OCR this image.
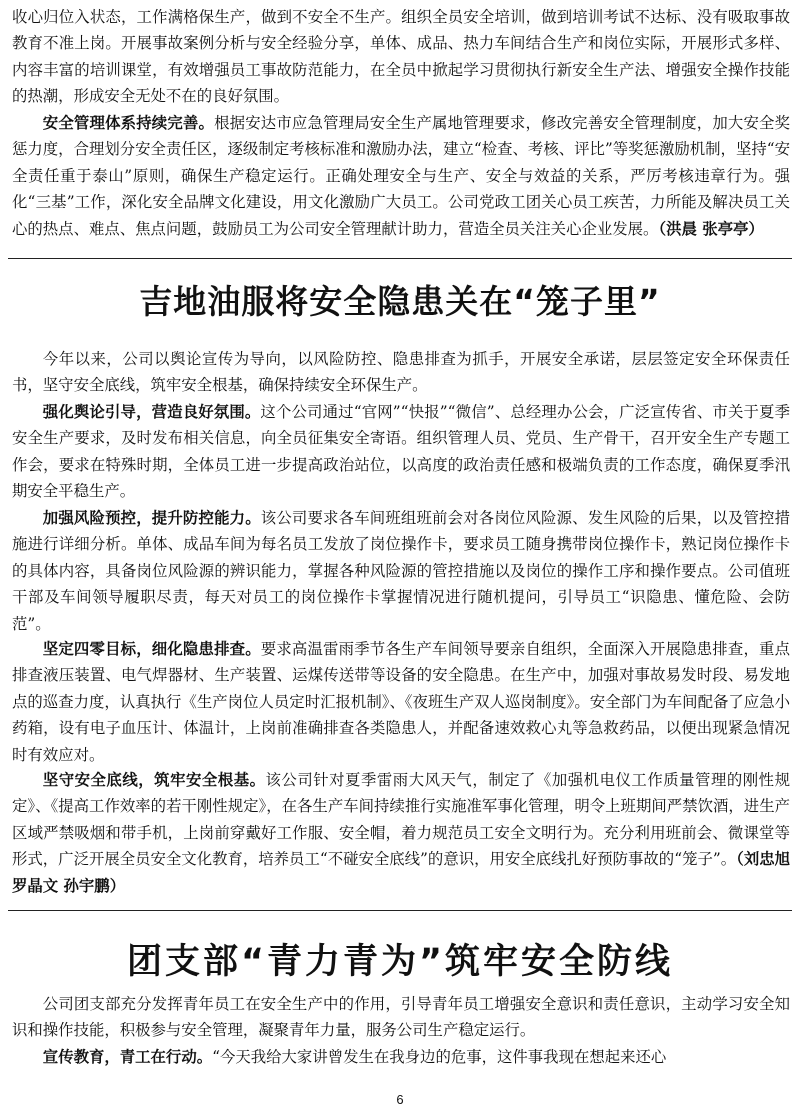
收心归位入状态，工作满格保生产，做到不安全不生产。组织全员安全培训，做到培训考试不达标、没有吸取事故教育不准上岗。开展事故案例分析与安全经验分享，单体、成品、热力车间结合生产和岗位实际，开展形式多样、内容丰富的培训课堂，有效增强员工事故防范能力，在全员中掀起学习贯彻执行新安全生产法、增强安全操作技能的热潮，形成安全无处不在的良好氛围。

安全管理体系持续完善。根据安达市应急管理局安全生产属地管理要求，修改完善安全管理制度，加大安全奖惩力度，合理划分安全责任区，逐级制定考核标准和激励办法，建立“检查、考核、评比”等奖惩激励机制，坚持“安全责任重于泰山”原则，确保生产稳定运行。正确处理安全与生产、安全与效益的关系，严厉考核违章行为。强化“三基”工作，深化安全品牌文化建设，用文化激励广大员工。公司党政工团关心员工疾苦，力所能及解决员工关心的热点、难点、焦点问题，鼓励员工为公司安全管理献计助力，营造全员关注关心企业发展。（洪晨 张亭亭）

吉地油服将安全隐患关在“笼子里”

今年以来，公司以舆论宣传为导向，以风险防控、隐患排查为抓手，开展安全承诺，层层签定安全环保责任书，坚守安全底线，筑牢安全根基，确保持续安全环保生产。

强化舆论引导，营造良好氛围。这个公司通过“官网”“快报”“微信”、总经理办公会，广泛宣传省、市关于夏季安全生产要求，及时发布相关信息，向全员征集安全寄语。组织管理人员、党员、生产骨干，召开安全生产专题工作会，要求在特殊时期，全体员工进一步提高政治站位，以高度的政治责任感和极端负责的工作态度，确保夏季汛期安全平稳生产。

加强风险预控，提升防控能力。该公司要求各车间班组班前会对各岗位风险源、发生风险的后果，以及管控措施进行详细分析。单体、成品车间为每名员工发放了岗位操作卡，要求员工随身携带岗位操作卡，熟记岗位操作卡的具体内容，具备岗位风险源的辨识能力，掌握各种风险源的管控措施以及岗位的操作工序和操作要点。公司值班干部及车间领导履职尽责，每天对员工的岗位操作卡掌握情况进行随机提问，引导员工“识隐患、懂危险、会防范”。

坚定四零目标，细化隐患排查。要求高温雷雨季节各生产车间领导要亲自组织，全面深入开展隐患排查，重点排查液压装置、电气焊器材、生产装置、运煤传送带等设备的安全隐患。在生产中，加强对事故易发时段、易发地点的巡查力度，认真执行《生产岗位人员定时汇报机制》、《夜班生产双人巡岗制度》。安全部门为车间配备了应急小药箱，设有电子血压计、体温计，上岗前准确排查各类隐患人，并配备速效救心丸等急救药品，以便出现紧急情况时有效应对。

坚守安全底线，筑牢安全根基。该公司针对夏季雷雨大风天气，制定了《加强机电仪工作质量管理的刚性规定》、《提高工作效率的若干刚性规定》，在各生产车间持续推行实施准军事化管理，明令上班期间严禁饮酒，进生产区域严禁吸烟和带手机，上岗前穿戴好工作服、安全帽，着力规范员工安全文明行为。充分利用班前会、微课堂等形式，广泛开展全员安全文化教育，培养员工“不碰安全底线”的意识，用安全底线扎好预防事故的“笼子”。（刘忠旭 罗晶文 孙宇鹏）

团支部“青力青为”筑牢安全防线

公司团支部充分发挥青年员工在安全生产中的作用，引导青年员工增强安全意识和责任意识，主动学习安全知识和操作技能，积极参与安全管理，凝聚青年力量，服务公司生产稳定运行。

宣传教育，青工在行动。“今天我给大家讲曾发生在我身边的危事，这件事我现在想起来还心

6
